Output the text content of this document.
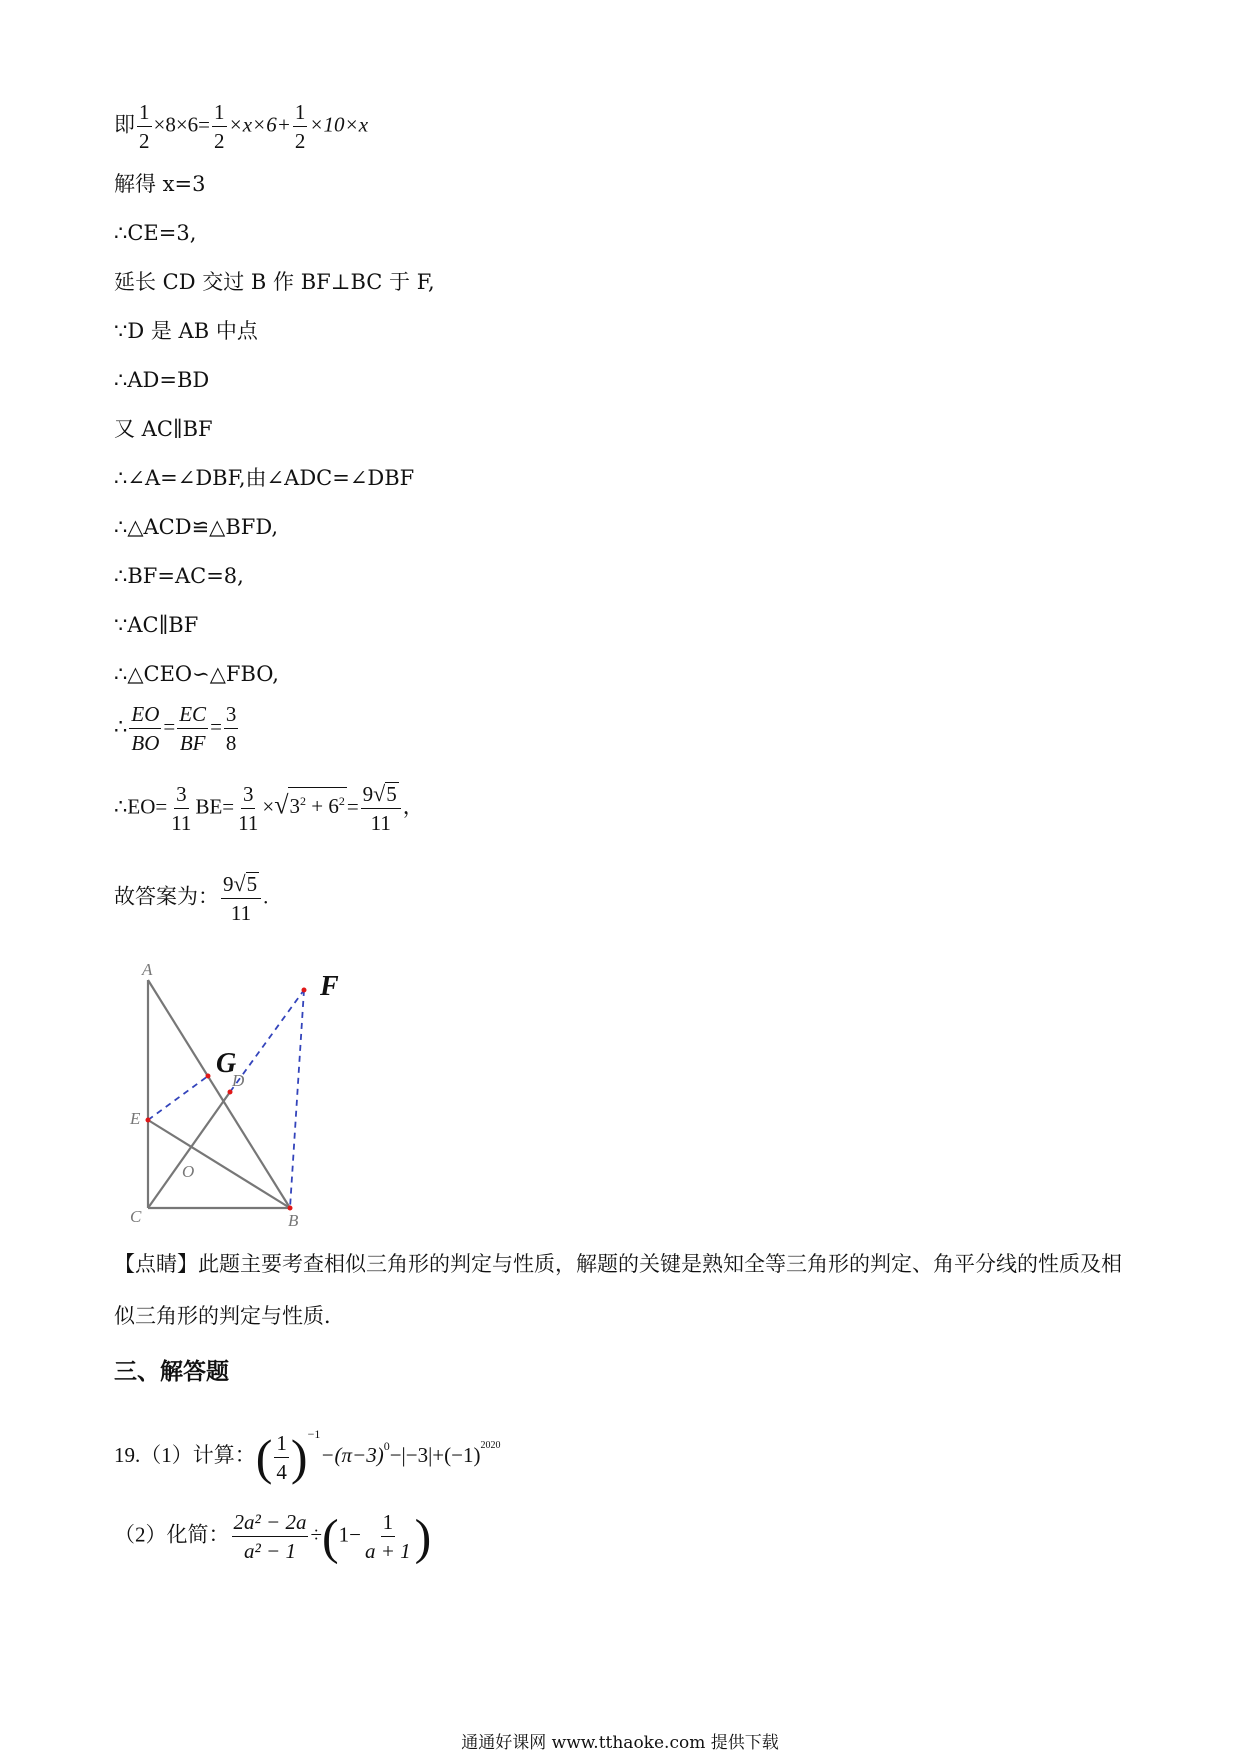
即 $\frac{1}{2} \times 8\times 6= \frac{1}{2} \times x\times 6+ \frac{1}{2} \times 10\times x$
解得 x=3
∴CE=3,
延长 CD 交过 B 作 BF⊥BC 于 F,
∵D 是 AB 中点
∴AD=BD
又 AC∥BF
∴∠A=∠DBF,由∠ADC=∠DBF
∴△ACD≌△BFD,
∴BF=AC=8,
∵AC∥BF
∴△CEO∽△FBO,
∴ $\frac{EO}{BO} = \frac{EC}{BF} = \frac{3}{8}$
∴EO= $\frac{3}{11} BE= \frac{3}{11} \times√3^2 + 6^2= \frac{9√5}{11}$ ，
故答案为： $\frac{9√5}{11}$ .
A
D
E
O
C	B
F
G
【点睛】此题主要考查相似三角形的判定与性质，解题的关键是熟知全等三角形的判定、角平分线的性质及相似三角形的判定与性质．
三、解答题
19.（1）计算：( $\frac{1}{4} )^{-1}-(\pi-3)^0-|-3|+(-1)^{2020}$
（2）化简： $\frac{\text{2a² − 2a}}{\text{a² − 1}} \div(1- \frac{1}{a + 1}$ )
通通好课网 www.tthaoke.com 提供下载
